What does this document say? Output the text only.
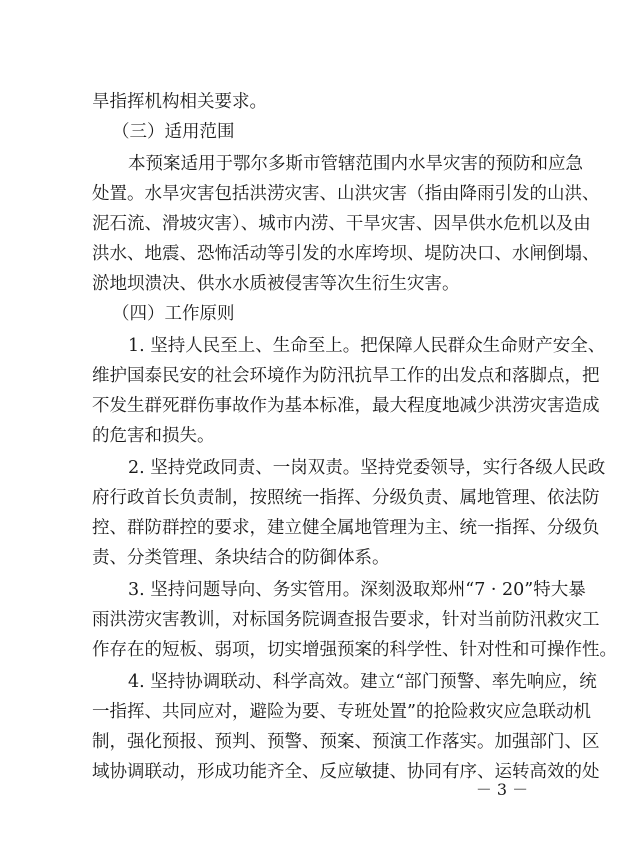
旱指挥机构相关要求。
（三）适用范围
本预案适用于鄂尔多斯市管辖范围内水旱灾害的预防和应急
处置。水旱灾害包括洪涝灾害、山洪灾害（指由降雨引发的山洪、
泥石流、滑坡灾害）、城市内涝、干旱灾害、因旱供水危机以及由
洪水、地震、恐怖活动等引发的水库垮坝、堤防决口、水闸倒塌、
淤地坝溃决、供水水质被侵害等次生衍生灾害。
（四）工作原则
1. 坚持人民至上、生命至上。把保障人民群众生命财产安全、
维护国泰民安的社会环境作为防汛抗旱工作的出发点和落脚点，把
不发生群死群伤事故作为基本标准，最大程度地减少洪涝灾害造成
的危害和损失。
2. 坚持党政同责、一岗双责。坚持党委领导，实行各级人民政
府行政首长负责制，按照统一指挥、分级负责、属地管理、依法防
控、群防群控的要求，建立健全属地管理为主、统一指挥、分级负
责、分类管理、条块结合的防御体系。
3. 坚持问题导向、务实管用。深刻汲取郑州“7 · 20”特大暴
雨洪涝灾害教训，对标国务院调查报告要求，针对当前防汛救灾工
作存在的短板、弱项，切实增强预案的科学性、针对性和可操作性。
4. 坚持协调联动、科学高效。建立“部门预警、率先响应，统
一指挥、共同应对，避险为要、专班处置”的抢险救灾应急联动机
制，强化预报、预判、预警、预案、预演工作落实。加强部门、区
域协调联动，形成功能齐全、反应敏捷、协同有序、运转高效的处
－ 3 －
